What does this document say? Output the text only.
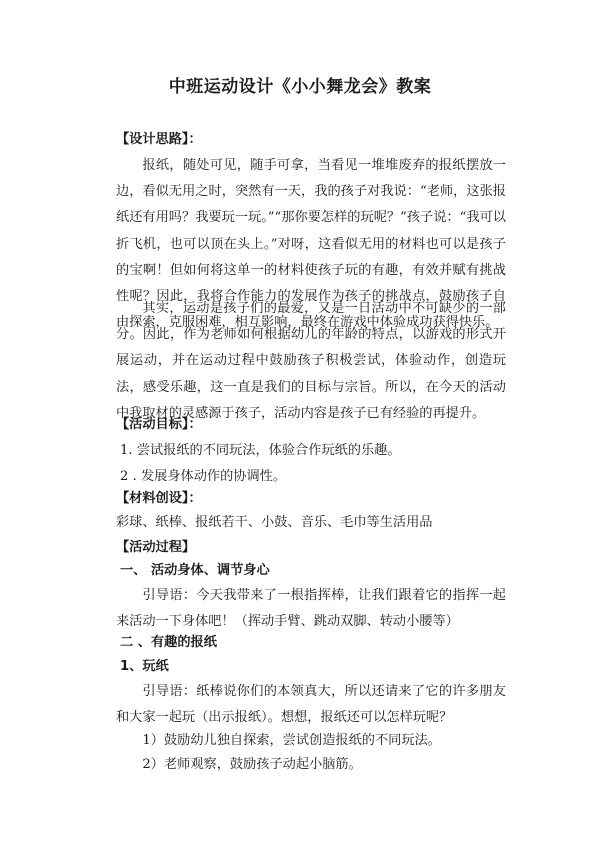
中班运动设计《小小舞龙会》教案
【设计思路】：
报纸，随处可见，随手可拿，当看见一堆堆废弃的报纸摆放一边，看似无用之时，突然有一天，我的孩子对我说：“老师，这张报纸还有用吗？我要玩一玩。”“那你要怎样的玩呢？”孩子说：“我可以折飞机，也可以顶在头上。”对呀，这看似无用的材料也可以是孩子的宝啊！但如何将这单一的材料使孩子玩的有趣，有效并赋有挑战性呢？因此，我将合作能力的发展作为孩子的挑战点，鼓励孩子自由探索，克服困难，相互影响，最终在游戏中体验成功获得快乐。
其实，运动是孩子们的最爱，又是一日活动中不可缺少的一部分。因此，作为老师如何根据幼儿的年龄的特点，以游戏的形式开展运动，并在运动过程中鼓励孩子积极尝试，体验动作，创造玩法，感受乐趣，这一直是我们的目标与宗旨。所以，在今天的活动中我取材的灵感源于孩子，活动内容是孩子已有经验的再提升。
【活动目标】：
1. 尝试报纸的不同玩法，体验合作玩纸的乐趣。
2 . 发展身体动作的协调性。
【材料创设】：
彩球、纸棒、报纸若干、小鼓、音乐、毛巾等生活用品
【活动过程】
一、 活动身体、调节身心
引导语：今天我带来了一根指挥棒，让我们跟着它的指挥一起来活动一下身体吧！（挥动手臂、跳动双脚、转动小腰等）
二 、有趣的报纸
1、玩纸
引导语：纸棒说你们的本领真大，所以还请来了它的许多朋友和大家一起玩（出示报纸）。想想，报纸还可以怎样玩呢？
1）鼓励幼儿独自探索，尝试创造报纸的不同玩法。
2）老师观察，鼓励孩子动起小脑筋。
